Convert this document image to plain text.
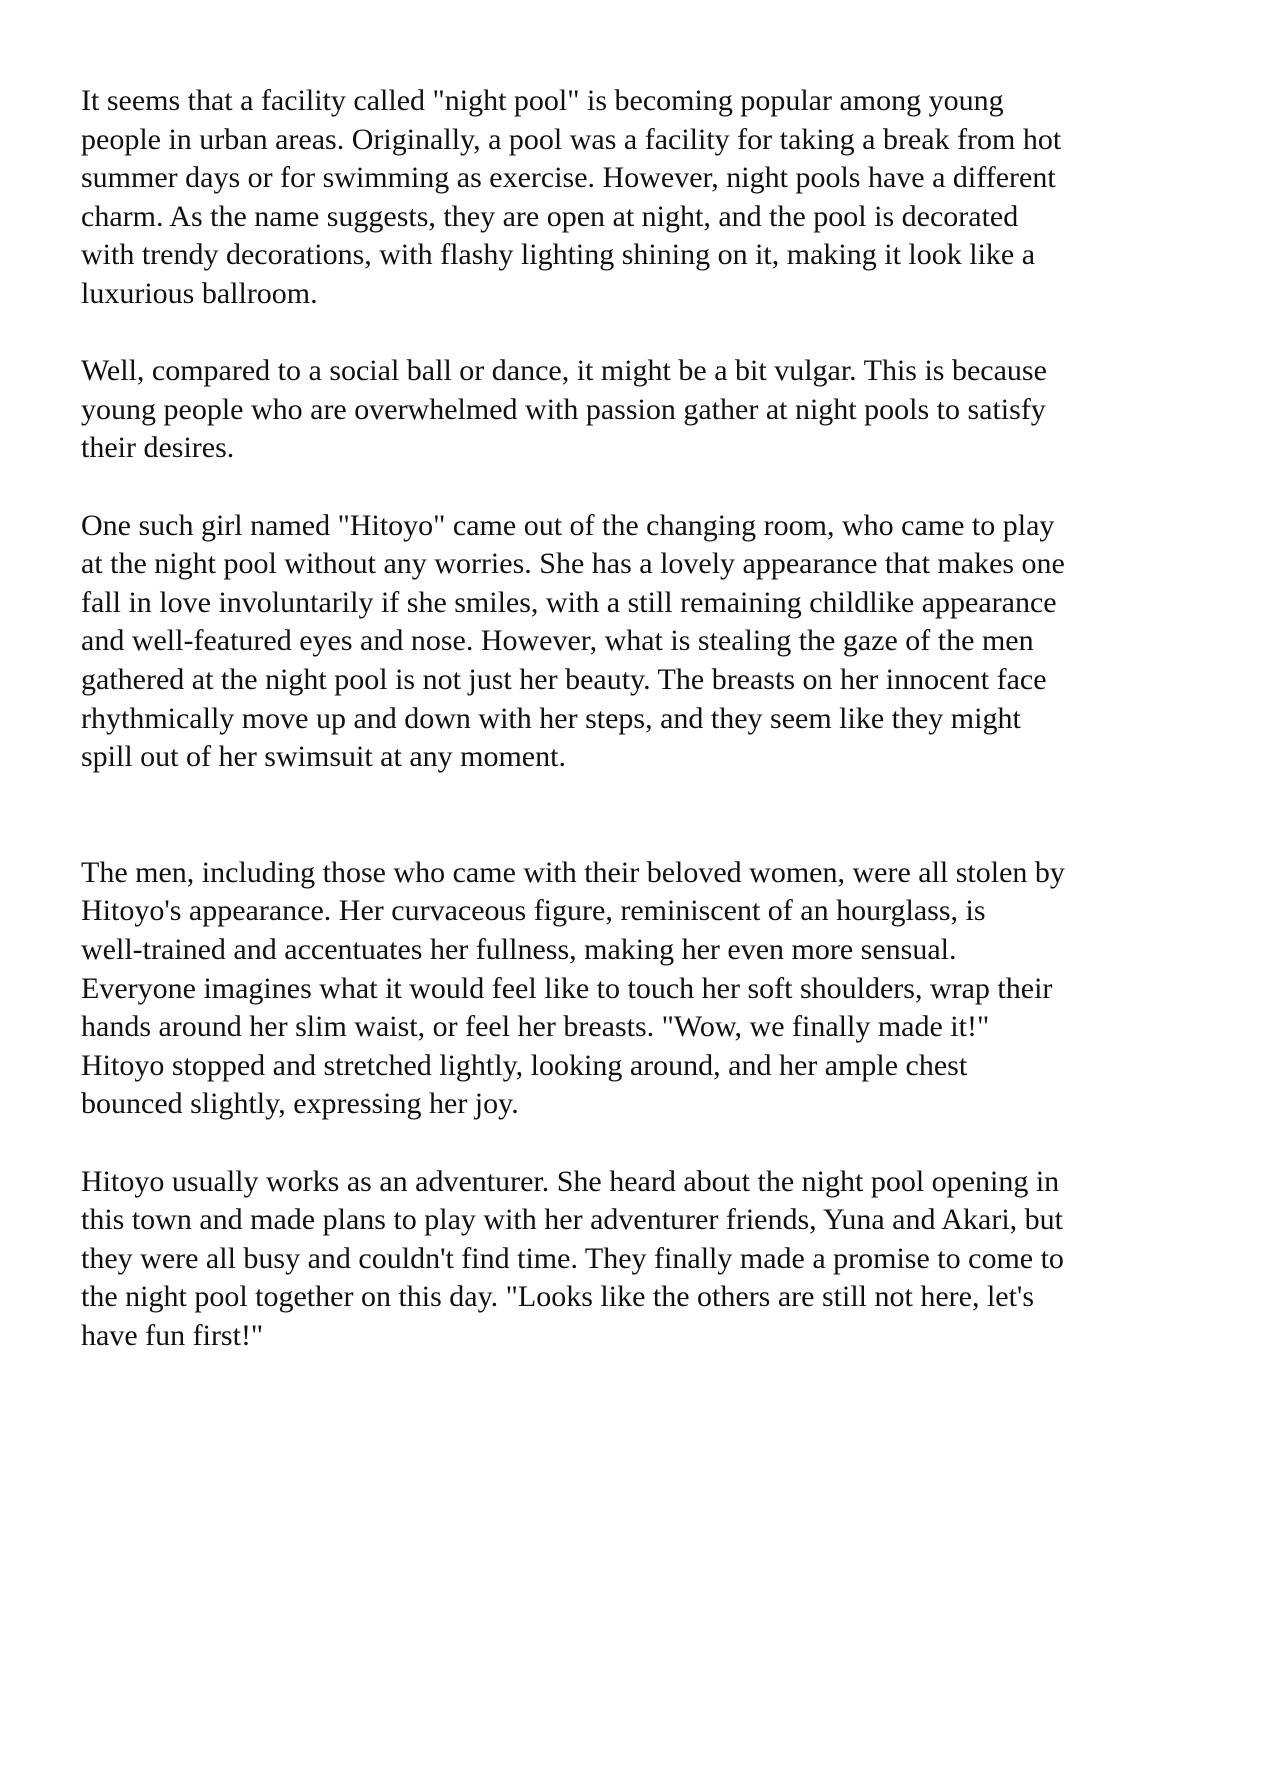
It seems that a facility called "night pool" is becoming popular among young
people in urban areas. Originally, a pool was a facility for taking a break from hot
summer days or for swimming as exercise. However, night pools have a different
charm. As the name suggests, they are open at night, and the pool is decorated
with trendy decorations, with flashy lighting shining on it, making it look like a
luxurious ballroom.
Well, compared to a social ball or dance, it might be a bit vulgar. This is because
young people who are overwhelmed with passion gather at night pools to satisfy
their desires.
One such girl named "Hitoyo" came out of the changing room, who came to play
at the night pool without any worries. She has a lovely appearance that makes one
fall in love involuntarily if she smiles, with a still remaining childlike appearance
and well-featured eyes and nose. However, what is stealing the gaze of the men
gathered at the night pool is not just her beauty. The breasts on her innocent face
rhythmically move up and down with her steps, and they seem like they might
spill out of her swimsuit at any moment.
The men, including those who came with their beloved women, were all stolen by
Hitoyo's appearance. Her curvaceous figure, reminiscent of an hourglass, is
well-trained and accentuates her fullness, making her even more sensual.
Everyone imagines what it would feel like to touch her soft shoulders, wrap their
hands around her slim waist, or feel her breasts. "Wow, we finally made it!"
Hitoyo stopped and stretched lightly, looking around, and her ample chest
bounced slightly, expressing her joy.
Hitoyo usually works as an adventurer. She heard about the night pool opening in
this town and made plans to play with her adventurer friends, Yuna and Akari, but
they were all busy and couldn't find time. They finally made a promise to come to
the night pool together on this day. "Looks like the others are still not here, let's
have fun first!"
